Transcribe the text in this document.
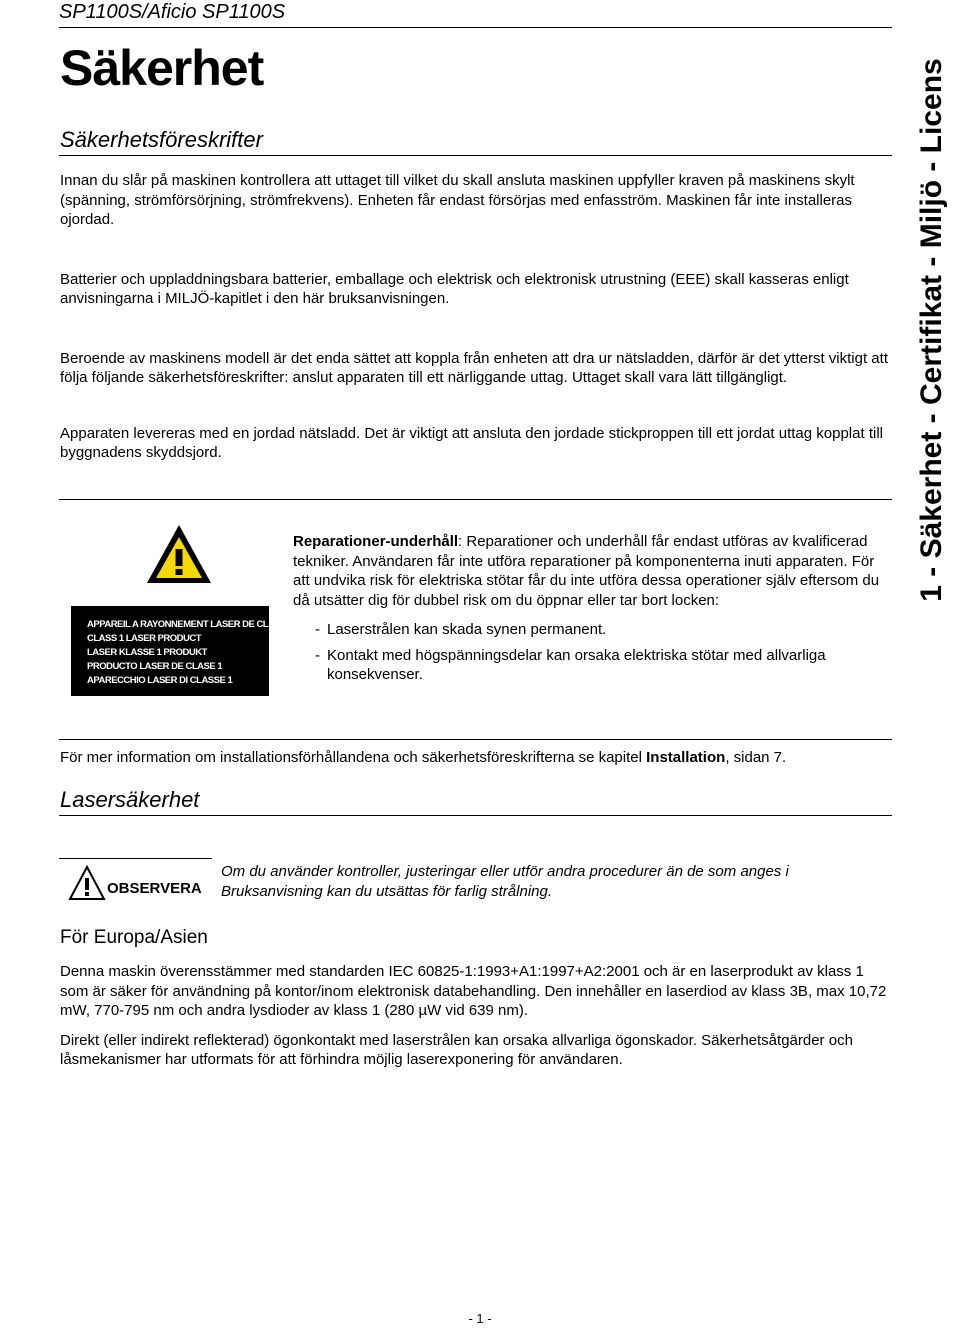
SP1100S/Aficio SP1100S
1 - Säkerhet - Certifikat - Miljö - Licens
Säkerhet
Säkerhetsföreskrifter

Innan du slår på maskinen kontrollera att uttaget till vilket du skall ansluta maskinen uppfyller kraven på maskinens skylt (spänning, strömförsörjning, strömfrekvens). Enheten får endast försörjas med enfasström. Maskinen får inte installeras ojordad.

Batterier och uppladdningsbara batterier, emballage och elektrisk och elektronisk utrustning (EEE) skall kasseras enligt anvisningarna i MILJÖ-kapitlet i den här bruksanvisningen.

Beroende av maskinens modell är det enda sättet att koppla från enheten att dra ur nätsladden, därför är det ytterst viktigt att följa följande säkerhetsföreskrifter: anslut apparaten till ett närliggande uttag. Uttaget skall vara lätt tillgängligt.

Apparaten levereras med en jordad nätsladd. Det är viktigt att ansluta den jordade stickproppen till ett jordat uttag kopplat till byggnadens skyddsjord.

APPAREIL A RAYONNEMENT LASER DE CLASSE 1
CLASS 1 LASER PRODUCT
LASER KLASSE 1 PRODUKT
PRODUCTO LASER DE CLASE 1
APARECCHIO LASER DI CLASSE 1

Reparationer-underhåll: Reparationer och underhåll får endast utföras av kvalificerad tekniker. Användaren får inte utföra reparationer på komponenterna inuti apparaten. För att undvika risk för elektriska stötar får du inte utföra dessa operationer själv eftersom du då utsätter dig för dubbel risk om du öppnar eller tar bort locken:

- Laserstrålen kan skada synen permanent.
- Kontakt med högspänningsdelar kan orsaka elektriska stötar med allvarliga konsekvenser.

För mer information om installationsförhållandena och säkerhetsföreskrifterna se kapitel Installation, sidan 7.

Lasersäkerhet
OBSERVERA
Om du använder kontroller, justeringar eller utför andra procedurer än de som anges i Bruksanvisning kan du utsättas för farlig strålning.
För Europa/Asien

Denna maskin överensstämmer med standarden IEC 60825-1:1993+A1:1997+A2:2001 och är en laserprodukt av klass 1 som är säker för användning på kontor/inom elektronisk databehandling. Den innehåller en laserdiod av klass 3B, max 10,72 mW, 770-795 nm och andra lysdioder av klass 1 (280 µW vid 639 nm).

Direkt (eller indirekt reflekterad) ögonkontakt med laserstrålen kan orsaka allvarliga ögonskador. Säkerhetsåtgärder och låsmekanismer har utformats för att förhindra möjlig laserexponering för användaren.

- 1 -
